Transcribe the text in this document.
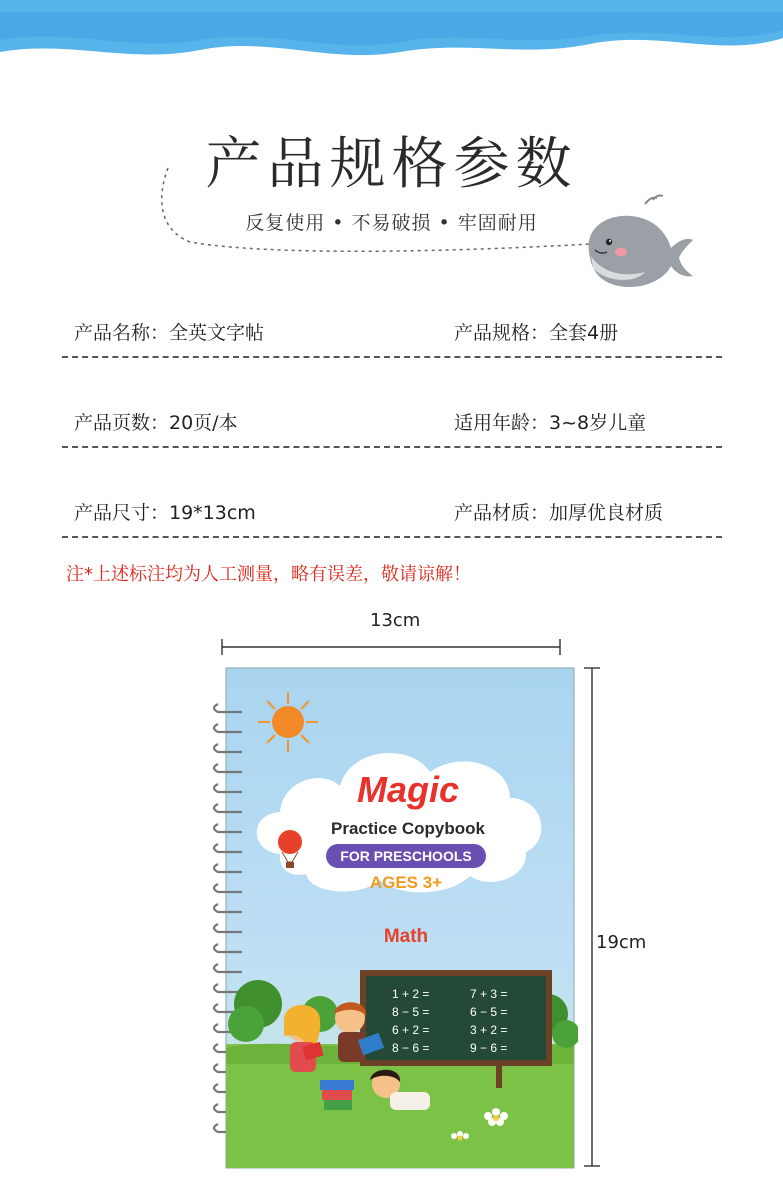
产品规格参数
反复使用 • 不易破损 • 牢固耐用
产品名称：全英文字帖	产品规格：全套4册
产品页数：20页/本	适用年龄：3~8岁儿童
产品尺寸：19*13cm	产品材质：加厚优良材质
注*上述标注均为人工测量，略有误差，敬请谅解！
13cm
19cm
Magic
Practice Copybook
FOR PRESCHOOLS
AGES 3+
Math
1 + 2 =	7 + 3 =
8 − 5 =	6 − 5 =
6 + 2 =	3 + 2 =
8 − 6 =	9 − 6 =
